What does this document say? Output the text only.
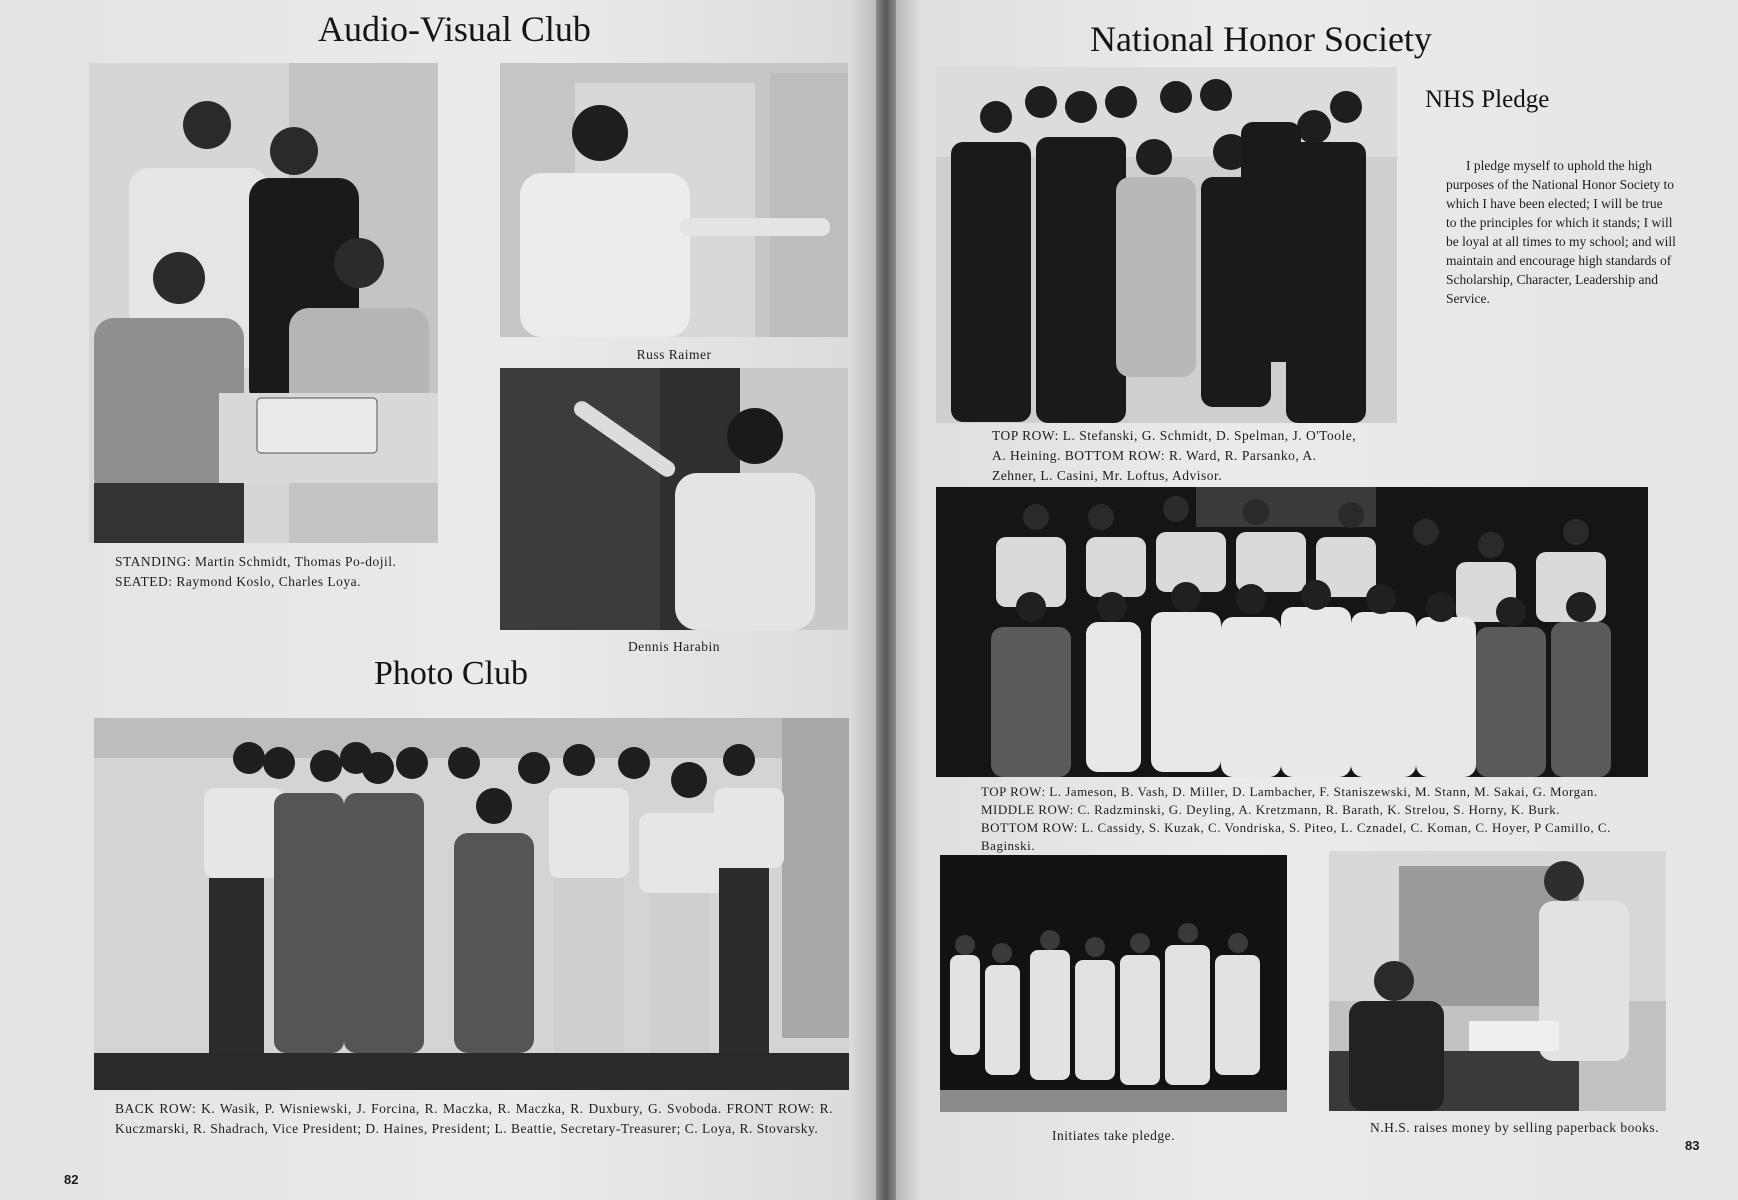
Audio-Visual Club

Russ Raimer

Dennis Harabin

STANDING: Martin Schmidt, Thomas Po-dojil. SEATED: Raymond Koslo, Charles Loya.

Photo Club

BACK ROW: K. Wasik, P. Wisniewski, J. Forcina, R. Maczka, R. Maczka, R. Duxbury, G. Svoboda. FRONT ROW: R. Kuczmarski, R. Shadrach, Vice President; D. Haines, President; L. Beattie, Secretary-Treasurer; C. Loya, R. Stovarsky.

82

National Honor Society
NHS Pledge

I pledge myself to uphold the high purposes of the National Honor Society to which I have been elected; I will be true to the principles for which it stands; I will be loyal at all times to my school; and will maintain and encourage high standards of Scholarship, Character, Leadership and Service.

TOP ROW: L. Stefanski, G. Schmidt, D. Spelman, J. O'Toole, A. Heining. BOTTOM ROW: R. Ward, R. Parsanko, A. Zehner, L. Casini, Mr. Loftus, Advisor.

TOP ROW: L. Jameson, B. Vash, D. Miller, D. Lambacher, F. Staniszewski, M. Stann, M. Sakai, G. Morgan. MIDDLE ROW: C. Radzminski, G. Deyling, A. Kretzmann, R. Barath, K. Strelou, S. Horny, K. Burk. BOTTOM ROW: L. Cassidy, S. Kuzak, C. Vondriska, S. Piteo, L. Cznadel, C. Koman, C. Hoyer, P Camillo, C. Baginski.

Initiates take pledge.

N.H.S. raises money by selling paperback books.

83
